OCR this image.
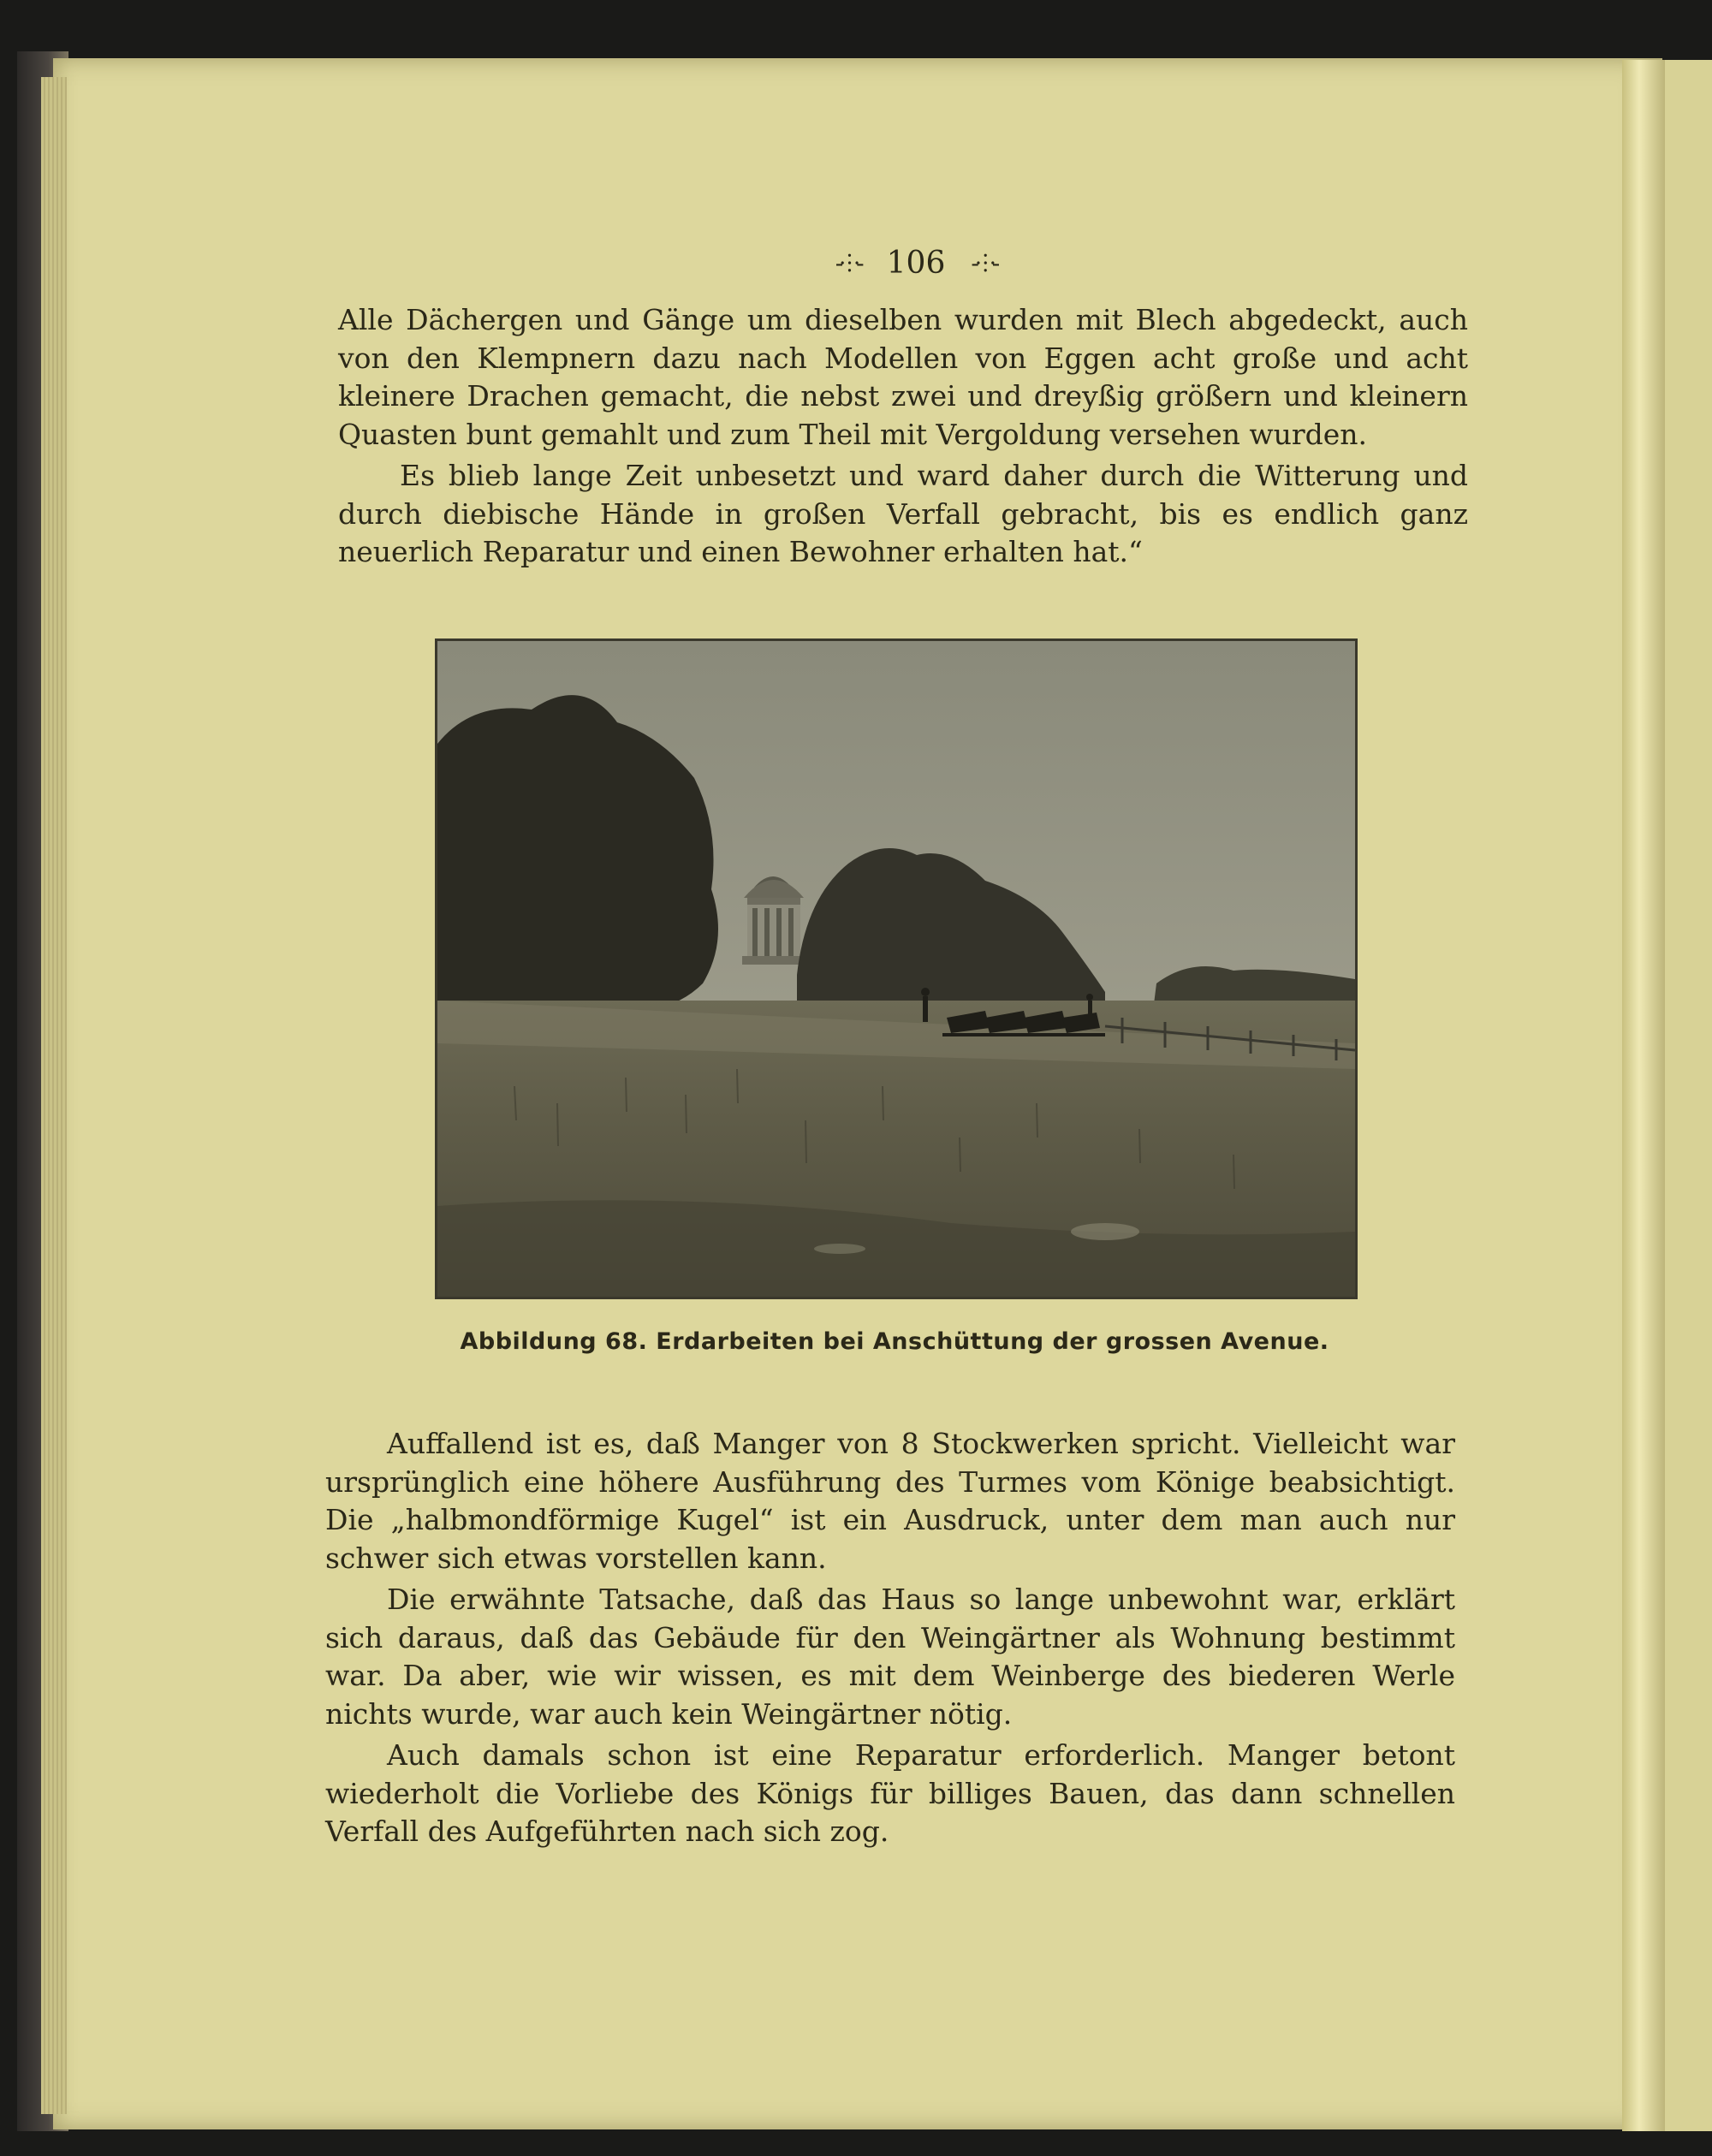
-⸭- 106 -⸭-

Alle Dächergen und Gänge um dieselben wurden mit Blech abgedeckt, auch von den Klempnern dazu nach Modellen von Eggen acht große und acht kleinere Drachen gemacht, die nebst zwei und dreyßig größern und kleinern Quasten bunt gemahlt und zum Theil mit Vergoldung versehen wurden.

Es blieb lange Zeit unbesetzt und ward daher durch die Witterung und durch diebische Hände in großen Verfall gebracht, bis es endlich ganz neuerlich Reparatur und einen Bewohner erhalten hat.“

Abbildung 68. Erdarbeiten bei Anschüttung der grossen Avenue.

Auffallend ist es, daß Manger von 8 Stockwerken spricht. Vielleicht war ursprünglich eine höhere Ausführung des Turmes vom Könige beabsichtigt. Die „halbmondförmige Kugel“ ist ein Ausdruck, unter dem man auch nur schwer sich etwas vorstellen kann.

Die erwähnte Tatsache, daß das Haus so lange unbewohnt war, erklärt sich daraus, daß das Gebäude für den Weingärtner als Wohnung bestimmt war. Da aber, wie wir wissen, es mit dem Weinberge des biederen Werle nichts wurde, war auch kein Weingärtner nötig.

Auch damals schon ist eine Reparatur erforderlich. Manger betont wiederholt die Vorliebe des Königs für billiges Bauen, das dann schnellen Verfall des Aufgeführten nach sich zog.
